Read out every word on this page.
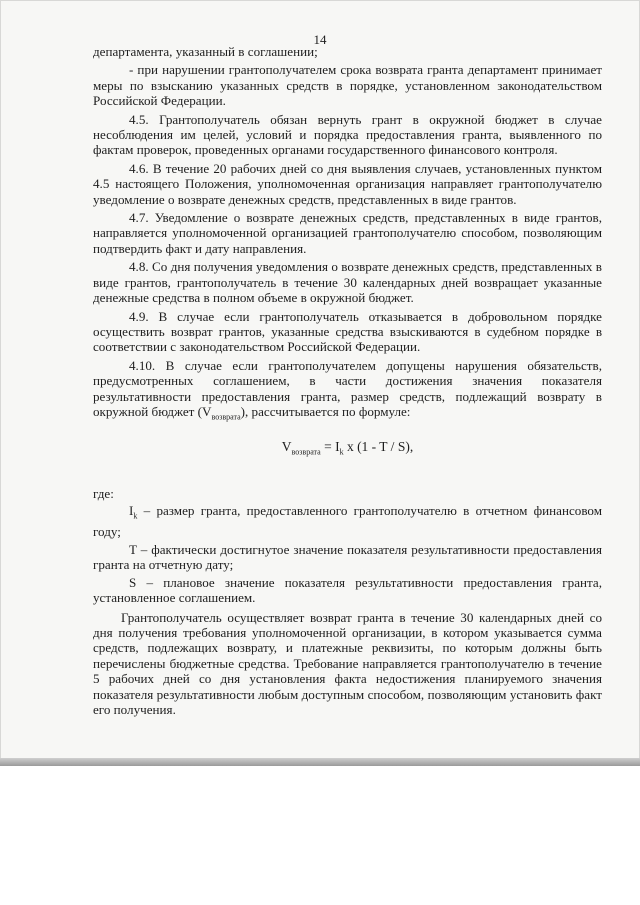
14

департамента, указанный в соглашении;

- при нарушении грантополучателем срока возврата гранта департамент принимает меры по взысканию указанных средств в порядке, установленном законодательством Российской Федерации.

4.5. Грантополучатель обязан вернуть грант в окружной бюджет в случае несоблюдения им целей, условий и порядка предоставления гранта, выявленного по фактам проверок, проведенных органами государственного финансового контроля.

4.6. В течение 20 рабочих дней со дня выявления случаев, установленных пунктом 4.5 настоящего Положения, уполномоченная организация направляет грантополучателю уведомление о возврате денежных средств, представленных в виде грантов.

4.7. Уведомление о возврате денежных средств, представленных в виде грантов, направляется уполномоченной организацией грантополучателю способом, позволяющим подтвердить факт и дату направления.

4.8. Со дня получения уведомления о возврате денежных средств, представленных в виде грантов, грантополучатель в течение 30 календарных дней возвращает указанные денежные средства в полном объеме в окружной бюджет.

4.9. В случае если грантополучатель отказывается в добровольном порядке осуществить возврат грантов, указанные средства взыскиваются в судебном порядке в соответствии с законодательством Российской Федерации.

4.10. В случае если грантополучателем допущены нарушения обязательств, предусмотренных соглашением, в части достижения значения показателя результативности предоставления гранта, размер средств, подлежащий возврату в окружной бюджет $(V_{возврата})$, рассчитывается по формуле:

$V_{возврата} = I_k$ x (1 - T / S),

где:

$I_k$ – размер гранта, предоставленного грантополучателю в отчетном финансовом году;

T – фактически достигнутое значение показателя результативности предоставления гранта на отчетную дату;

S – плановое значение показателя результативности предоставления гранта, установленное соглашением.

Грантополучатель осуществляет возврат гранта в течение 30 календарных дней со дня получения требования уполномоченной организации, в котором указывается сумма средств, подлежащих возврату, и платежные реквизиты, по которым должны быть перечислены бюджетные средства. Требование направляется грантополучателю в течение 5 рабочих дней со дня установления факта недостижения планируемого значения показателя результативности любым доступным способом, позволяющим установить факт его получения.
